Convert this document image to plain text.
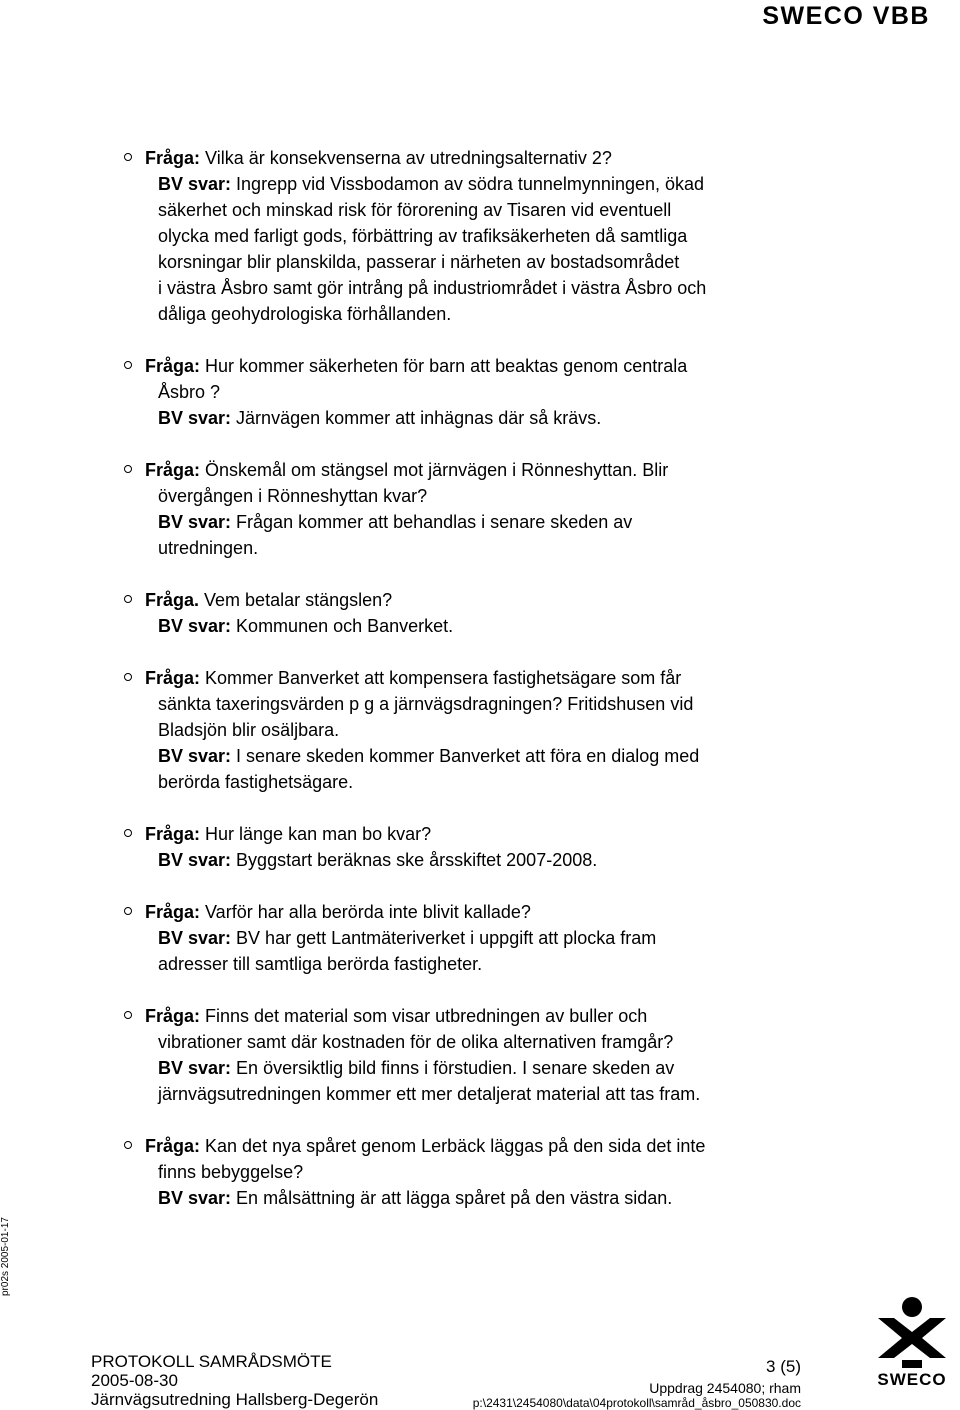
SWECO VBB
Fråga: Vilka är konsekvenserna av utredningsalternativ 2?
BV svar: Ingrepp vid Vissbodamon av södra tunnelmynningen, ökad
säkerhet och minskad risk för förorening av Tisaren vid eventuell
olycka med farligt gods, förbättring av trafiksäkerheten då samtliga
korsningar blir planskilda, passerar i närheten av bostadsområdet
i västra Åsbro samt gör intrång på industriområdet i västra Åsbro och
dåliga geohydrologiska förhållanden.
Fråga: Hur kommer säkerheten för barn att beaktas genom centrala
Åsbro ?
BV svar: Järnvägen kommer att inhägnas där så krävs.
Fråga: Önskemål om stängsel mot järnvägen i Rönneshyttan. Blir
övergången i Rönneshyttan kvar?
BV svar: Frågan kommer att behandlas i senare skeden av
utredningen.
Fråga. Vem betalar stängslen?
BV svar: Kommunen och Banverket.
Fråga: Kommer Banverket att kompensera fastighetsägare som får
sänkta taxeringsvärden p g a järnvägsdragningen? Fritidshusen vid
Bladsjön blir osäljbara.
BV svar: I senare skeden kommer Banverket att föra en dialog med
berörda fastighetsägare.
Fråga: Hur länge kan man bo kvar?
BV svar: Byggstart beräknas ske årsskiftet 2007-2008.
Fråga: Varför har alla berörda inte blivit kallade?
BV svar: BV har gett Lantmäteriverket i uppgift att plocka fram
adresser till samtliga berörda fastigheter.
Fråga: Finns det material som visar utbredningen av buller och
vibrationer samt där kostnaden för de olika alternativen framgår?
BV svar: En översiktlig bild finns i förstudien. I senare skeden av
järnvägsutredningen kommer ett mer detaljerat material att tas fram.
Fråga: Kan det nya spåret genom Lerbäck läggas på den sida det inte
finns bebyggelse?
BV svar: En målsättning är att lägga spåret på den västra sidan.
pr02s 2005-01-17
PROTOKOLL SAMRÅDSMÖTE
2005-08-30
Järnvägsutredning Hallsberg-Degerön
3 (5)
Uppdrag 2454080; rham
p:\2431\2454080\data\04protokoll\samråd_åsbro_050830.doc
SWECO
